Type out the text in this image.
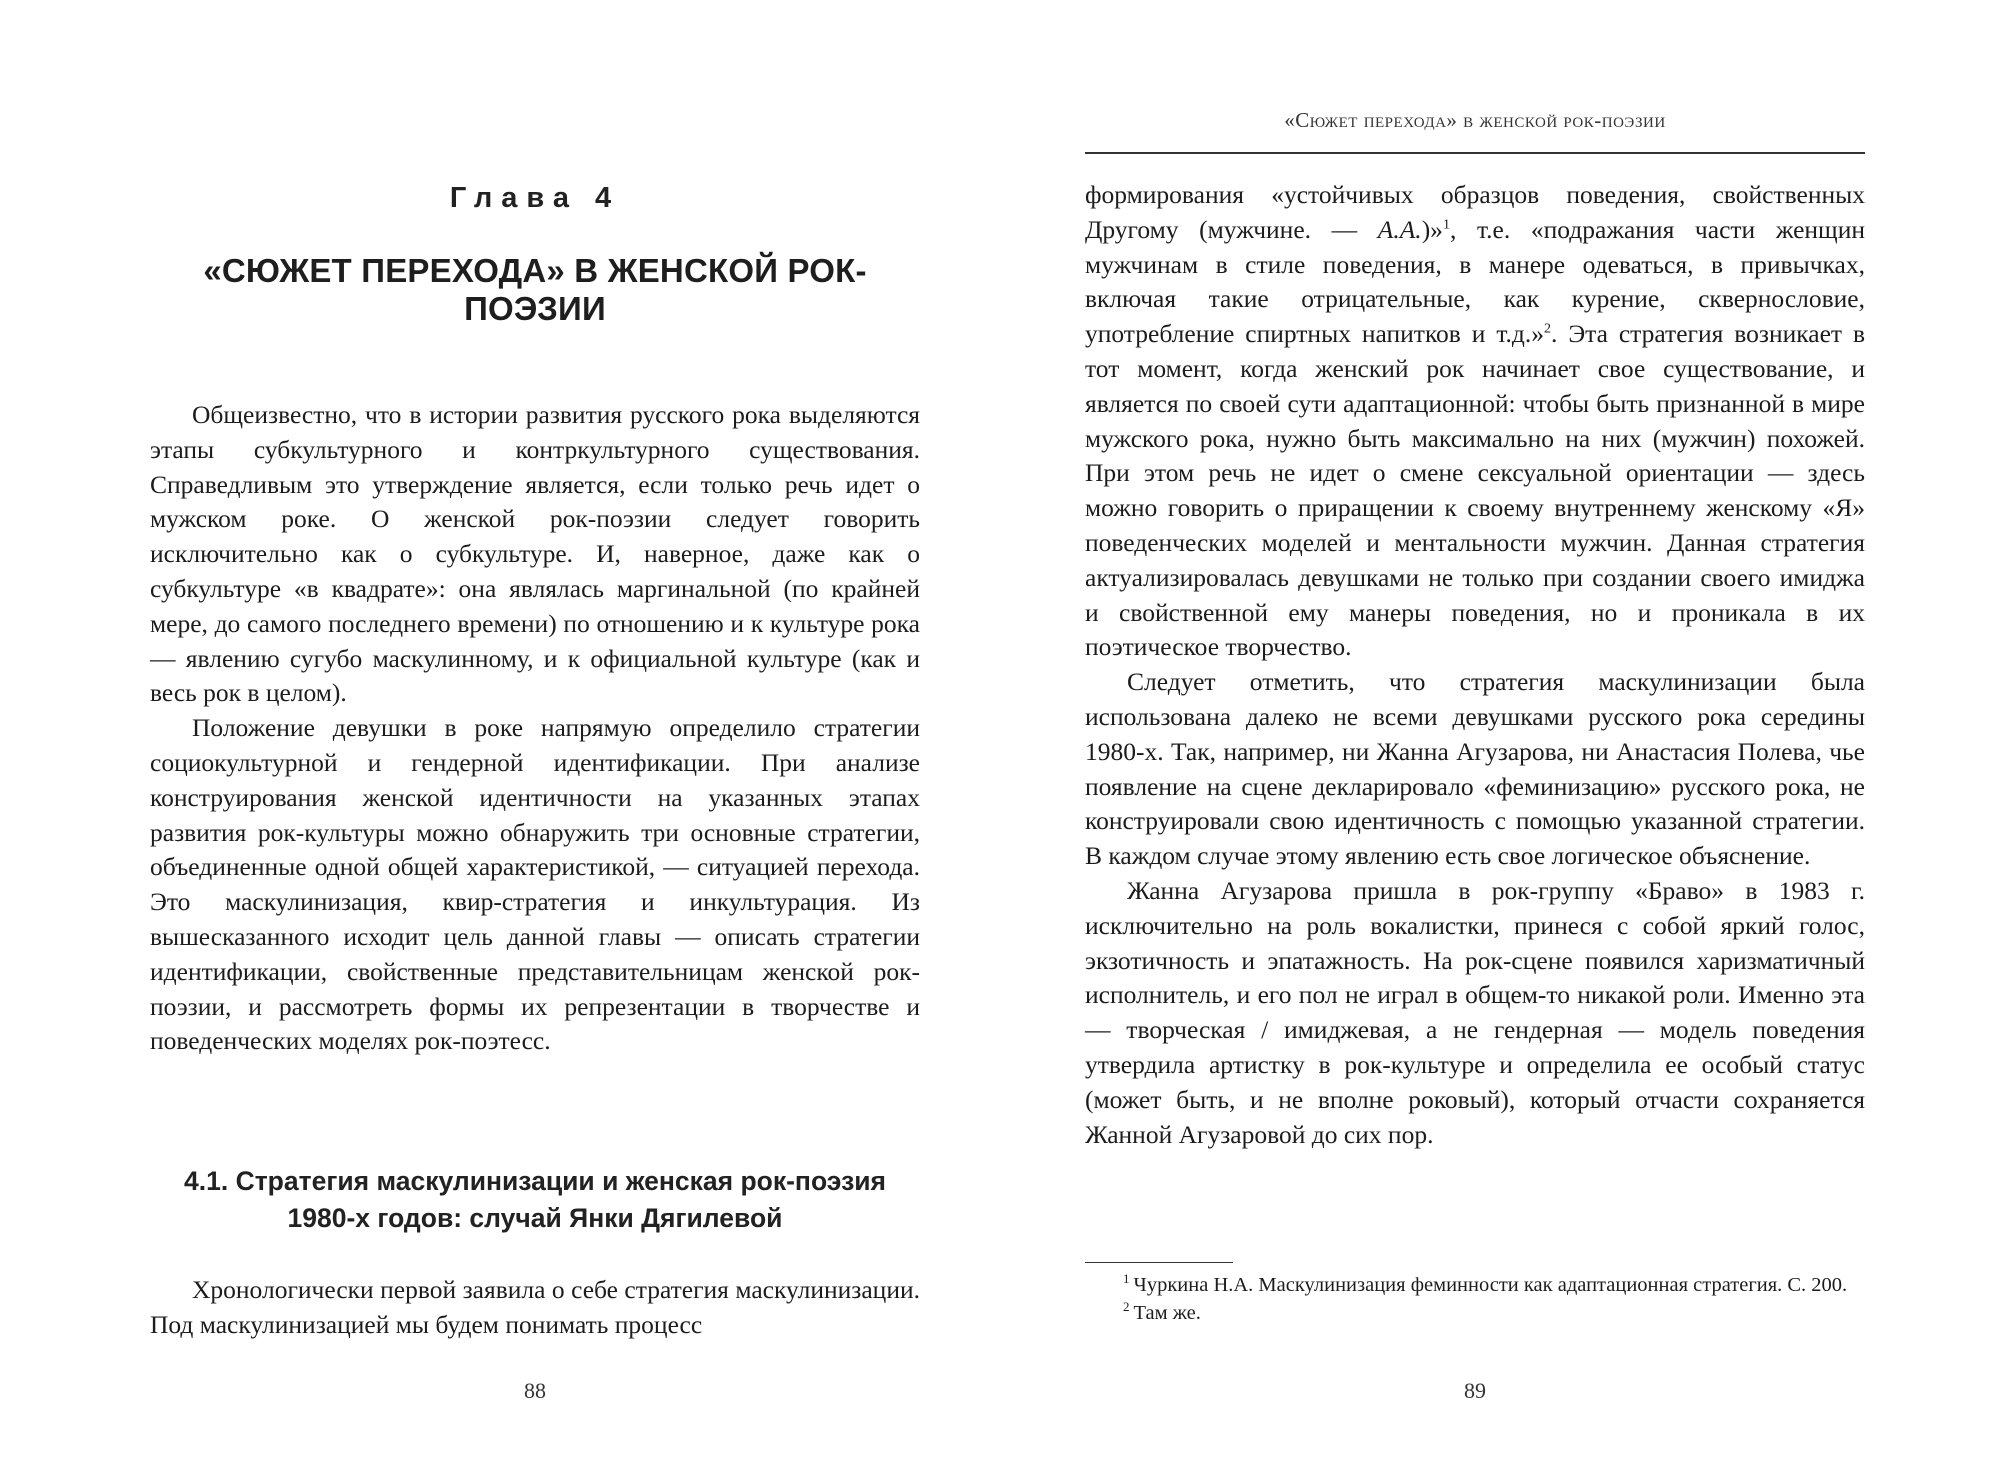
Глава 4
«СЮЖЕТ ПЕРЕХОДА» В ЖЕНСКОЙ РОК-ПОЭЗИИ

Общеизвестно, что в истории развития русского рока выделяются этапы субкультурного и контркультурного существования. Справедливым это утверждение является, если только речь идет о мужском роке. О женской рок-поэзии следует говорить исключительно как о субкультуре. И, наверное, даже как о субкультуре «в квадрате»: она являлась маргинальной (по крайней мере, до самого последнего времени) по отношению и к культуре рока — явлению сугубо маскулинному, и к официальной культуре (как и весь рок в целом).

Положение девушки в роке напрямую определило стратегии социокультурной и гендерной идентификации. При анализе конструирования женской идентичности на указанных этапах развития рок-культуры можно обнаружить три основные стратегии, объединенные одной общей характеристикой, — ситуацией перехода. Это маскулинизация, квир-стратегия и инкультурация. Из вышесказанного исходит цель данной главы — описать стратегии идентификации, свойственные представительницам женской рок-поэзии, и рассмотреть формы их репрезентации в творчестве и поведенческих моделях рок-поэтесс.

4.1. Стратегия маскулинизации и женская рок-поэзия
1980-х годов: случай Янки Дягилевой

Хронологически первой заявила о себе стратегия маскулинизации. Под маскулинизацией мы будем понимать процесс

88
«Сюжет перехода» в женской рок-поэзии

формирования «устойчивых образцов поведения, свойственных Другому (мужчине. — А.А.)»$^1$, т.е. «подражания части женщин мужчинам в стиле поведения, в манере одеваться, в привычках, включая такие отрицательные, как курение, сквернословие, употребление спиртных напитков и т.д.»$^2$. Эта стратегия возникает в тот момент, когда женский рок начинает свое существование, и является по своей сути адаптационной: чтобы быть признанной в мире мужского рока, нужно быть максимально на них (мужчин) похожей. При этом речь не идет о смене сексуальной ориентации — здесь можно говорить о приращении к своему внутреннему женскому «Я» поведенческих моделей и ментальности мужчин. Данная стратегия актуализировалась девушками не только при создании своего имиджа и свойственной ему манеры поведения, но и проникала в их поэтическое творчество.

Следует отметить, что стратегия маскулинизации была использована далеко не всеми девушками русского рока середины 1980-х. Так, например, ни Жанна Агузарова, ни Анастасия Полева, чье появление на сцене декларировало «феминизацию» русского рока, не конструировали свою идентичность с помощью указанной стратегии. В каждом случае этому явлению есть свое логическое объяснение.

Жанна Агузарова пришла в рок-группу «Браво» в 1983 г. исключительно на роль вокалистки, принеся с собой яркий голос, экзотичность и эпатажность. На рок-сцене появился харизматичный исполнитель, и его пол не играл в общем-то никакой роли. Именно эта — творческая / имиджевая, а не гендерная — модель поведения утвердила артистку в рок-культуре и определила ее особый статус (может быть, и не вполне роковый), который отчасти сохраняется Жанной Агузаровой до сих пор.

$^1$ Чуркина Н.А. Маскулинизация феминности как адаптационная стратегия. С. 200.

$^2$ Там же.

89
